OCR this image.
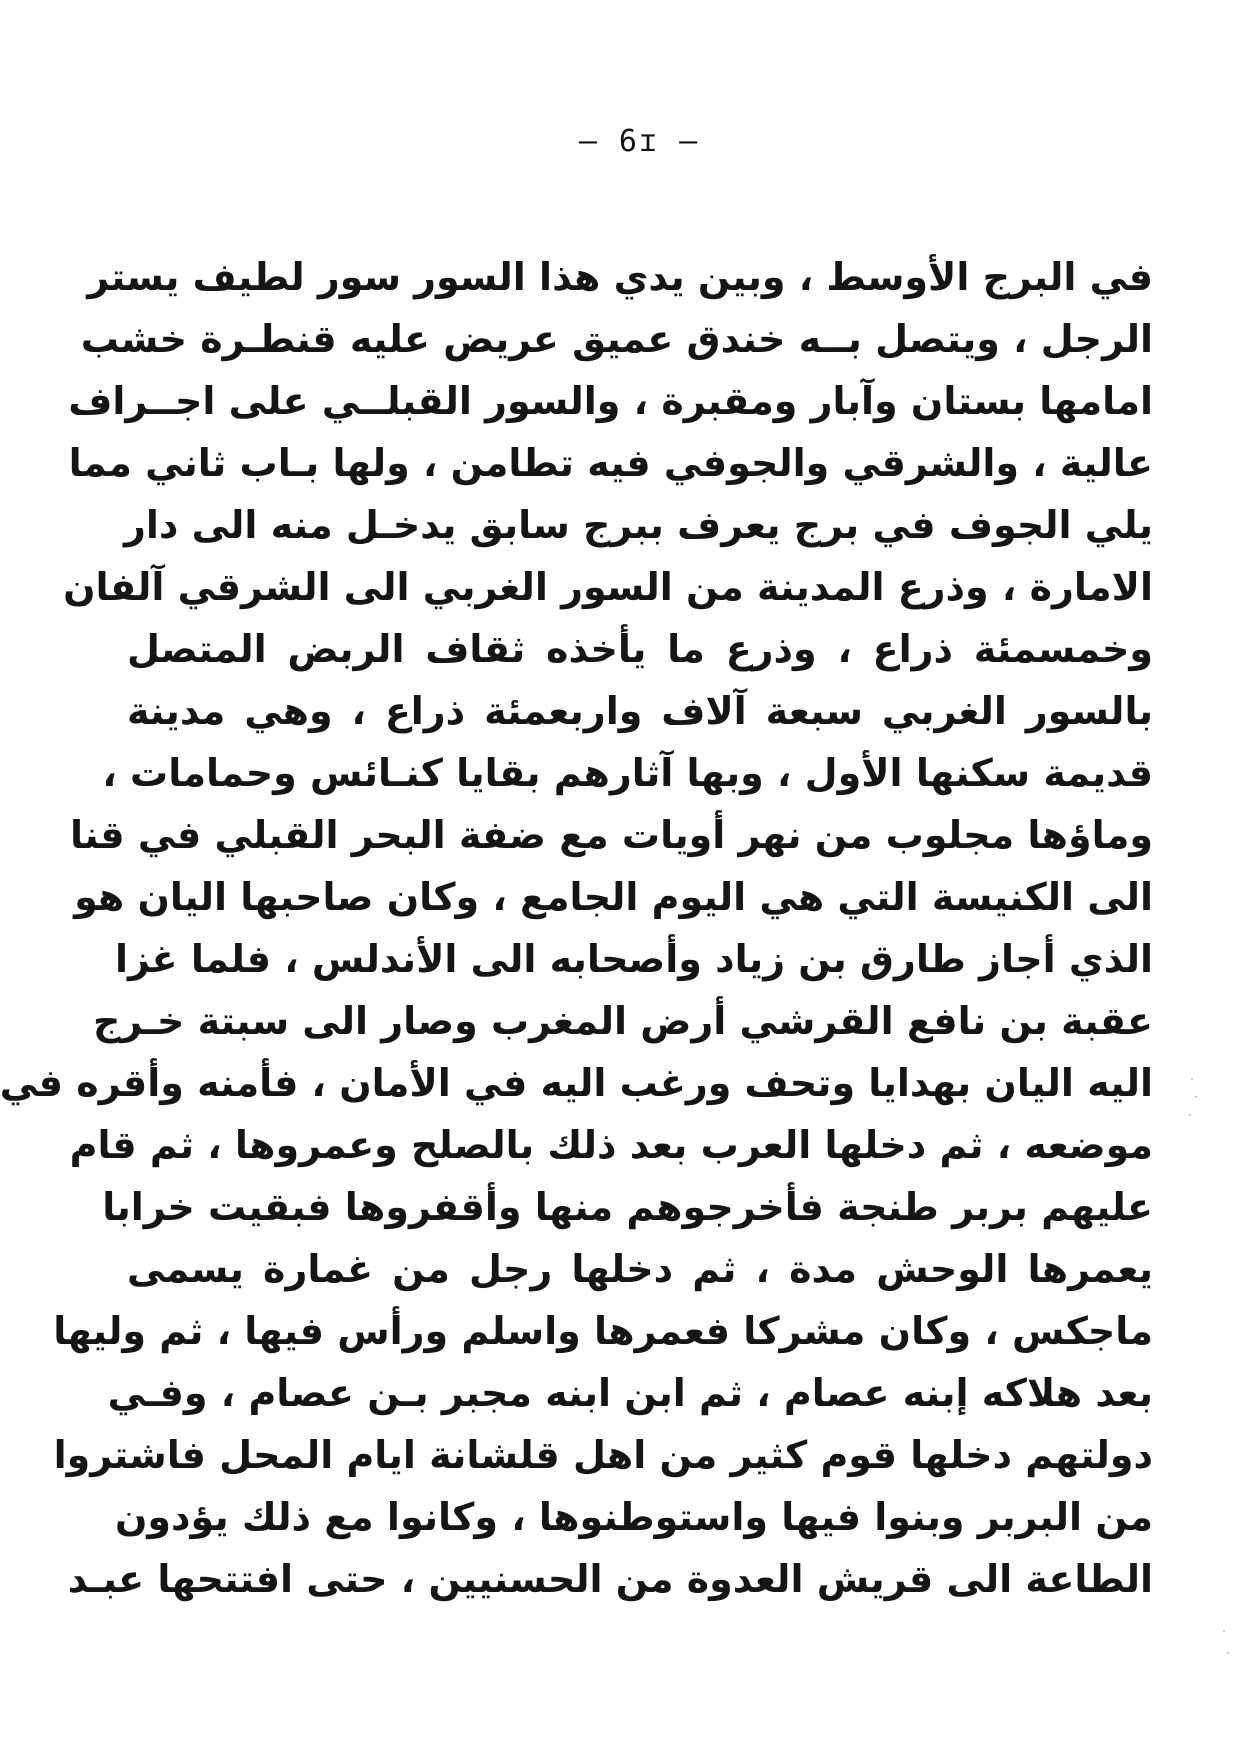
– 6ɪ –
في البرج الأوسط ، وبين يدي هذا السور سور لطيف يستر
الرجل ، ويتصل بــه خندق عميق عريض عليه قنطـرة خشب
امامها بستان وآبار ومقبرة ، والسور القبلــي على اجــراف
عالية ، والشرقي والجوفي فيه تطامن ، ولها بـاب ثاني مما
يلي الجوف في برج يعرف ببرج سابق يدخـل منه الى دار
الامارة ، وذرع المدينة من السور الغربي الى الشرقي آلفان
وخمسمئة ذراع ، وذرع ما يأخذه ثقاف الربض المتصل
بالسور الغربي سبعة آلاف واربعمئة ذراع ، وهي مدينة
قديمة سكنها الأول ، وبها آثارهم بقايا كنـائس وحمامات ،
وماؤها مجلوب من نهر أويات مع ضفة البحر القبلي في قنا
الى الكنيسة التي هي اليوم الجامع ، وكان صاحبها اليان هو
الذي أجاز طارق بن زياد وأصحابه الى الأندلس ، فلما غزا
عقبة بن نافع القرشي أرض المغرب وصار الى سبتة خـرج
اليه اليان بهدايا وتحف ورغب اليه في الأمان ، فأمنه وأقره في
موضعه ، ثم دخلها العرب بعد ذلك بالصلح وعمروها ، ثم قام
عليهم بربر طنجة فأخرجوهم منها وأقفروها فبقيت خرابا
يعمرها الوحش مدة ، ثم دخلها رجل من غمارة يسمى
ماجكس ، وكان مشركا فعمرها واسلم ورأس فيها ، ثم وليها
بعد هلاكه إبنه عصام ، ثم ابن ابنه مجبر بـن عصام ، وفـي
دولتهم دخلها قوم كثير من اهل قلشانة ايام المحل فاشتروا
من البربر وبنوا فيها واستوطنوها ، وكانوا مع ذلك يؤدون
الطاعة الى قريش العدوة من الحسنيين ، حتى افتتحها عبـد
